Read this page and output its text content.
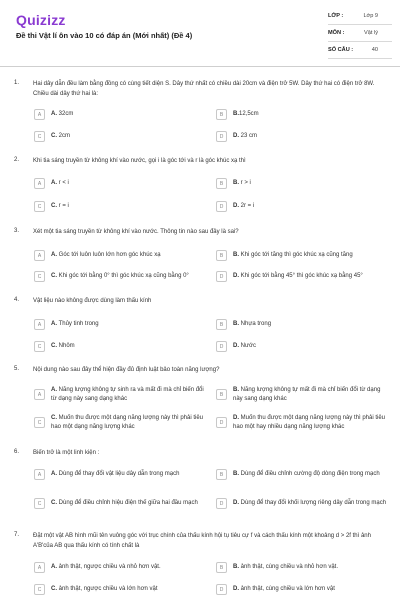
Quizizz
Đề thi Vật lí ôn vào 10 có đáp án (Mới nhất) (Đề 4)
LỚP :	Lớp 9
MÔN :	Vật lý
SỐ CÂU :	40
1. Hai dây dẫn đều làm bằng đồng có cùng tiết diện S. Dây thứ nhất có chiều dài 20cm và điện trở 5W. Dây thứ hai có điện trở 8W. Chiều dài dây thứ hai là:
A	A. 32cm	B	B.12,5cm
C	C. 2cm	D	D. 23 cm
2. Khi tia sáng truyền từ không khí vào nước, gọi i là góc tới và r là góc khúc xạ thì
A	A. r < i	B	B. r > i
C	C. r = i	D	D. 2r = i
3. Xét một tia sáng truyền từ không khí vào nước. Thông tin nào sau đây là sai?
A	A. Góc tới luôn luôn lớn hơn góc khúc xạ	B	B. Khi góc tới tăng thì góc khúc xạ cũng tăng
C	C. Khi góc tới bằng 0° thì góc khúc xạ cũng bằng 0°	D	D. Khi góc tới bằng 45° thì góc khúc xạ bằng 45°
4. Vật liệu nào không được dùng làm thấu kính
A	A. Thủy tinh trong	B	B. Nhựa trong
C	C. Nhôm	D	D. Nước
5. Nội dung nào sau đây thể hiện đầy đủ định luật bảo toàn năng lượng?
A
A. Năng lượng không tự sinh ra và mất đi mà chỉ biến đổi từ dạng này sang dạng khác
B
B. Năng lượng không tự mất đi mà chỉ biến đổi từ dạng này sang dạng khác
C
C. Muốn thu được một dạng năng lượng này thì phải tiêu hao một dạng năng lượng khác
D
D. Muốn thu được một dạng năng lượng này thì phải tiêu hao một hay nhiều dạng năng lượng khác
6. Biến trở là một linh kiện :
A	A. Dùng để thay đổi vật liệu dây dẫn trong mạch	B	B. Dùng để điều chỉnh cường độ dòng điện trong mạch
C	C. Dùng để điều chỉnh hiệu điện thế giữa hai đầu mạch	D	D. Dùng để thay đổi khối lượng riêng dây dẫn trong mạch
7. Đặt một vật AB hình mũi tên vuông góc với trục chính của thấu kính hội tụ tiêu cự f và cách thấu kính một khoảng d > 2f thì ảnh A'B'của AB qua thấu kính có tính chất là
A	A. ảnh thật, ngược chiều và nhỏ hơn vật.	B	B. ảnh thật, cùng chiều và nhỏ hơn vật.
C	C. ảnh thật, ngược chiều và lớn hơn vật	D	D. ảnh thật, cùng chiều và lớn hơn vật
